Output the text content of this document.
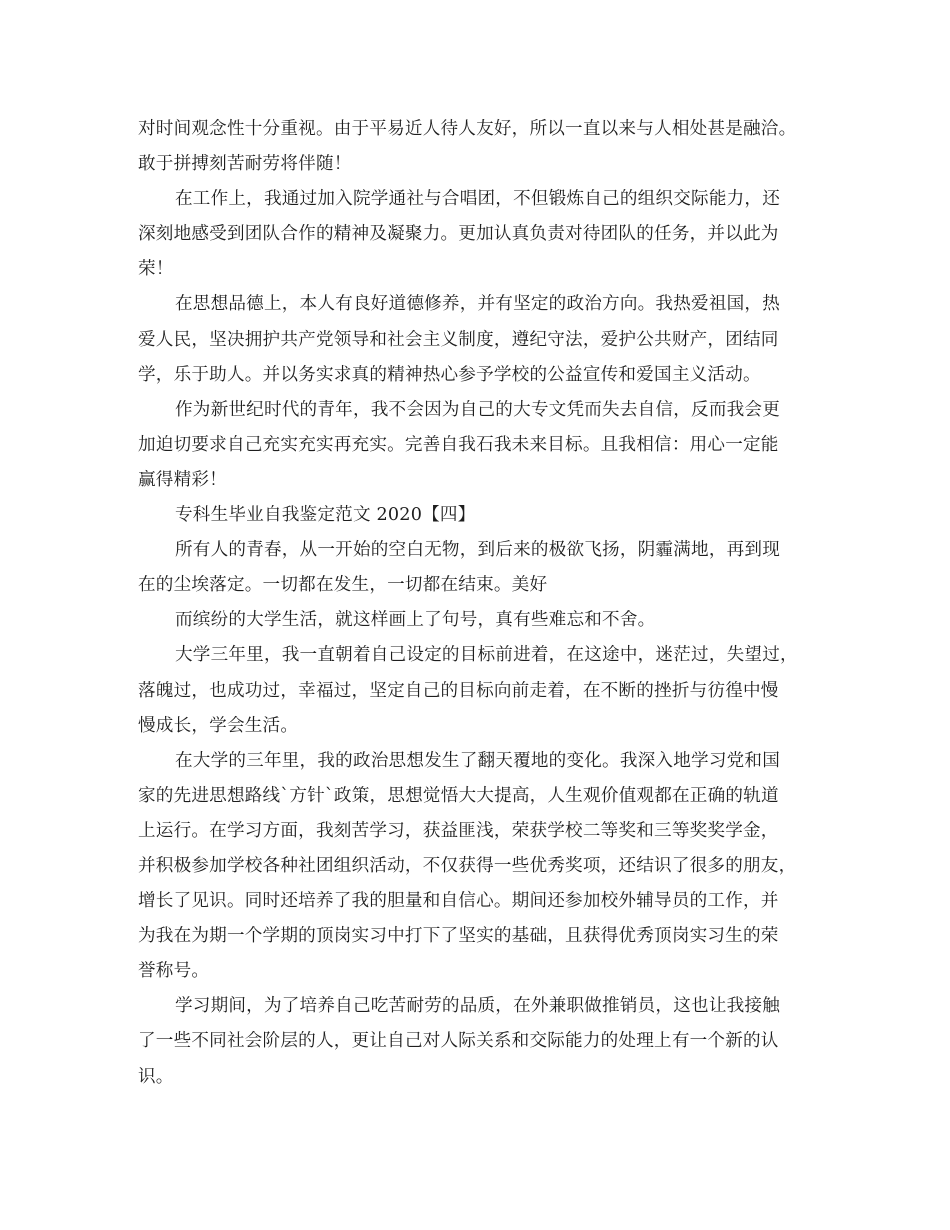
对时间观念性十分重视。由于平易近人待人友好，所以一直以来与人相处甚是融洽。
敢于拼搏刻苦耐劳将伴随！
在工作上，我通过加入院学通社与合唱团，不但锻炼自己的组织交际能力，还
深刻地感受到团队合作的精神及凝聚力。更加认真负责对待团队的任务，并以此为
荣！
在思想品德上，本人有良好道德修养，并有坚定的政治方向。我热爱祖国，热
爱人民，坚决拥护共产党领导和社会主义制度，遵纪守法，爱护公共财产，团结同
学，乐于助人。并以务实求真的精神热心参予学校的公益宣传和爱国主义活动。
作为新世纪时代的青年，我不会因为自己的大专文凭而失去自信，反而我会更
加迫切要求自己充实充实再充实。完善自我石我未来目标。且我相信：用心一定能
赢得精彩！
专科生毕业自我鉴定范文 2020【四】
所有人的青春，从一开始的空白无物，到后来的极欲飞扬，阴霾满地，再到现
在的尘埃落定。一切都在发生，一切都在结束。美好
而缤纷的大学生活，就这样画上了句号，真有些难忘和不舍。
大学三年里，我一直朝着自己设定的目标前进着，在这途中，迷茫过，失望过，
落魄过，也成功过，幸福过，坚定自己的目标向前走着，在不断的挫折与彷徨中慢
慢成长，学会生活。
在大学的三年里，我的政治思想发生了翻天覆地的变化。我深入地学习党和国
家的先进思想路线`方针`政策，思想觉悟大大提高，人生观价值观都在正确的轨道
上运行。在学习方面，我刻苦学习，获益匪浅，荣获学校二等奖和三等奖奖学金，
并积极参加学校各种社团组织活动，不仅获得一些优秀奖项，还结识了很多的朋友，
增长了见识。同时还培养了我的胆量和自信心。期间还参加校外辅导员的工作，并
为我在为期一个学期的顶岗实习中打下了坚实的基础，且获得优秀顶岗实习生的荣
誉称号。
学习期间，为了培养自己吃苦耐劳的品质，在外兼职做推销员，这也让我接触
了一些不同社会阶层的人，更让自己对人际关系和交际能力的处理上有一个新的认
识。
